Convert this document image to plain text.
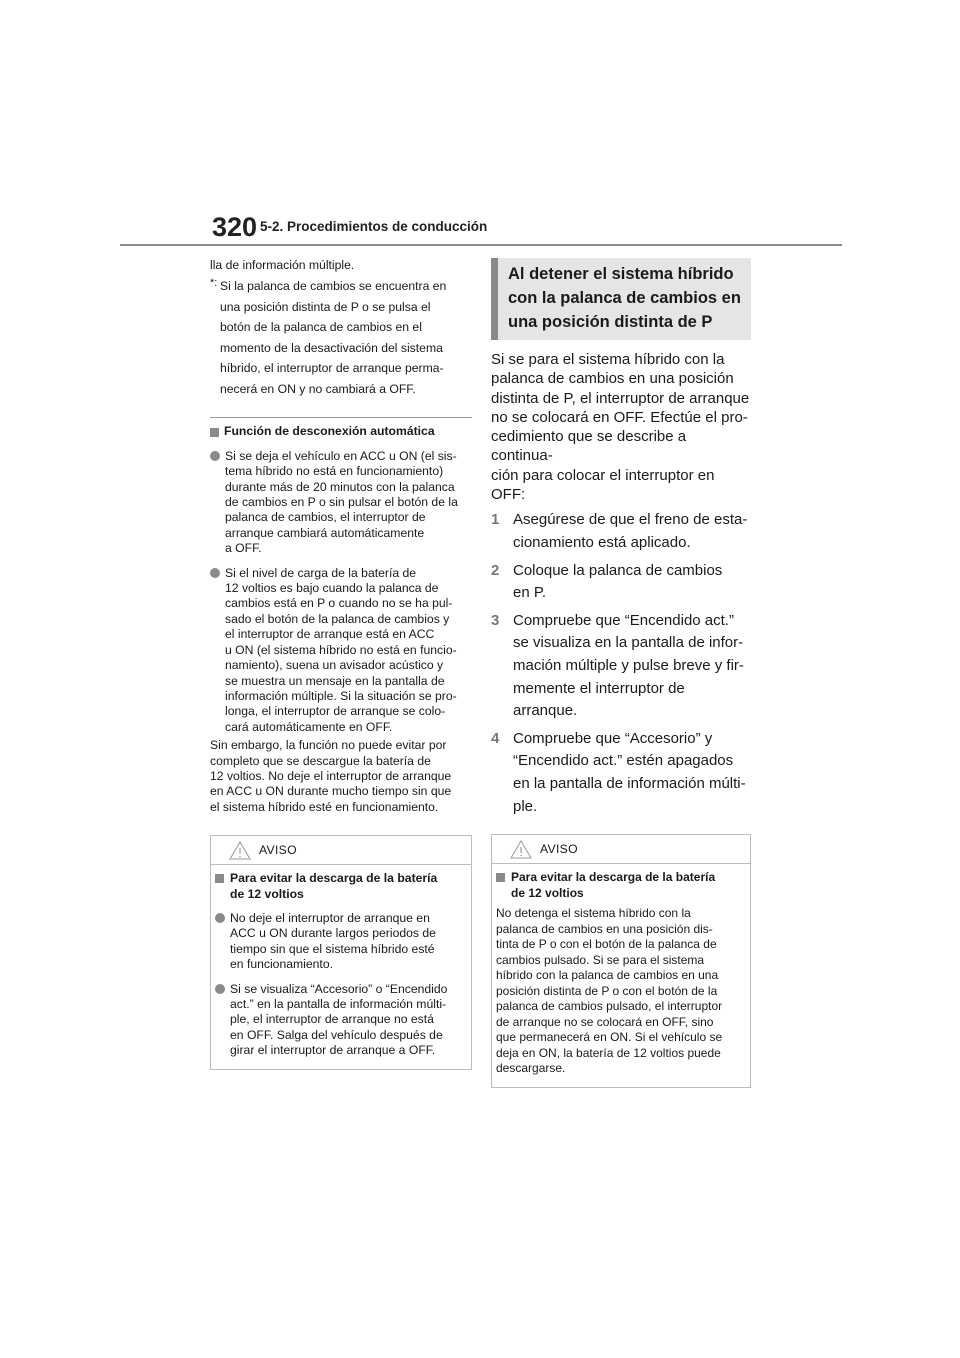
320 5-2. Procedimientos de conducción

lla de información múltiple.

*: Si la palanca de cambios se encuentra en
una posición distinta de P o se pulsa el
botón de la palanca de cambios en el
momento de la desactivación del sistema
híbrido, el interruptor de arranque perma-
necerá en ON y no cambiará a OFF.
Función de desconexión automática
Si se deja el vehículo en ACC u ON (el sis-
tema híbrido no está en funcionamiento)
durante más de 20 minutos con la palanca
de cambios en P o sin pulsar el botón de la
palanca de cambios, el interruptor de
arranque cambiará automáticamente
a OFF.
Si el nivel de carga de la batería de
12 voltios es bajo cuando la palanca de
cambios está en P o cuando no se ha pul-
sado el botón de la palanca de cambios y
el interruptor de arranque está en ACC
u ON (el sistema híbrido no está en funcio-
namiento), suena un avisador acústico y
se muestra un mensaje en la pantalla de
información múltiple. Si la situación se pro-
longa, el interruptor de arranque se colo-
cará automáticamente en OFF.
Sin embargo, la función no puede evitar por
completo que se descargue la batería de
12 voltios. No deje el interruptor de arranque
en ACC u ON durante mucho tiempo sin que
el sistema híbrido esté en funcionamiento.
AVISO
Para evitar la descarga de la batería
de 12 voltios
No deje el interruptor de arranque en
ACC u ON durante largos periodos de
tiempo sin que el sistema híbrido esté
en funcionamiento.
Si se visualiza “Accesorio” o “Encendido
act.” en la pantalla de información múlti-
ple, el interruptor de arranque no está
en OFF. Salga del vehículo después de
girar el interruptor de arranque a OFF.
Al detener el sistema híbrido
con la palanca de cambios en
una posición distinta de P
Si se para el sistema híbrido con la
palanca de cambios en una posición
distinta de P, el interruptor de arranque
no se colocará en OFF. Efectúe el pro-
cedimiento que se describe a continua-
ción para colocar el interruptor en OFF:
1 Asegúrese de que el freno de esta-
cionamiento está aplicado.
2 Coloque la palanca de cambios
en P.
3 Compruebe que “Encendido act.”
se visualiza en la pantalla de infor-
mación múltiple y pulse breve y fir-
memente el interruptor de arranque.
4 Compruebe que “Accesorio” y
“Encendido act.” estén apagados
en la pantalla de información múlti-
ple.
AVISO
Para evitar la descarga de la batería
de 12 voltios
No detenga el sistema híbrido con la
palanca de cambios en una posición dis-
tinta de P o con el botón de la palanca de
cambios pulsado. Si se para el sistema
híbrido con la palanca de cambios en una
posición distinta de P o con el botón de la
palanca de cambios pulsado, el interruptor
de arranque no se colocará en OFF, sino
que permanecerá en ON. Si el vehículo se
deja en ON, la batería de 12 voltios puede
descargarse.
